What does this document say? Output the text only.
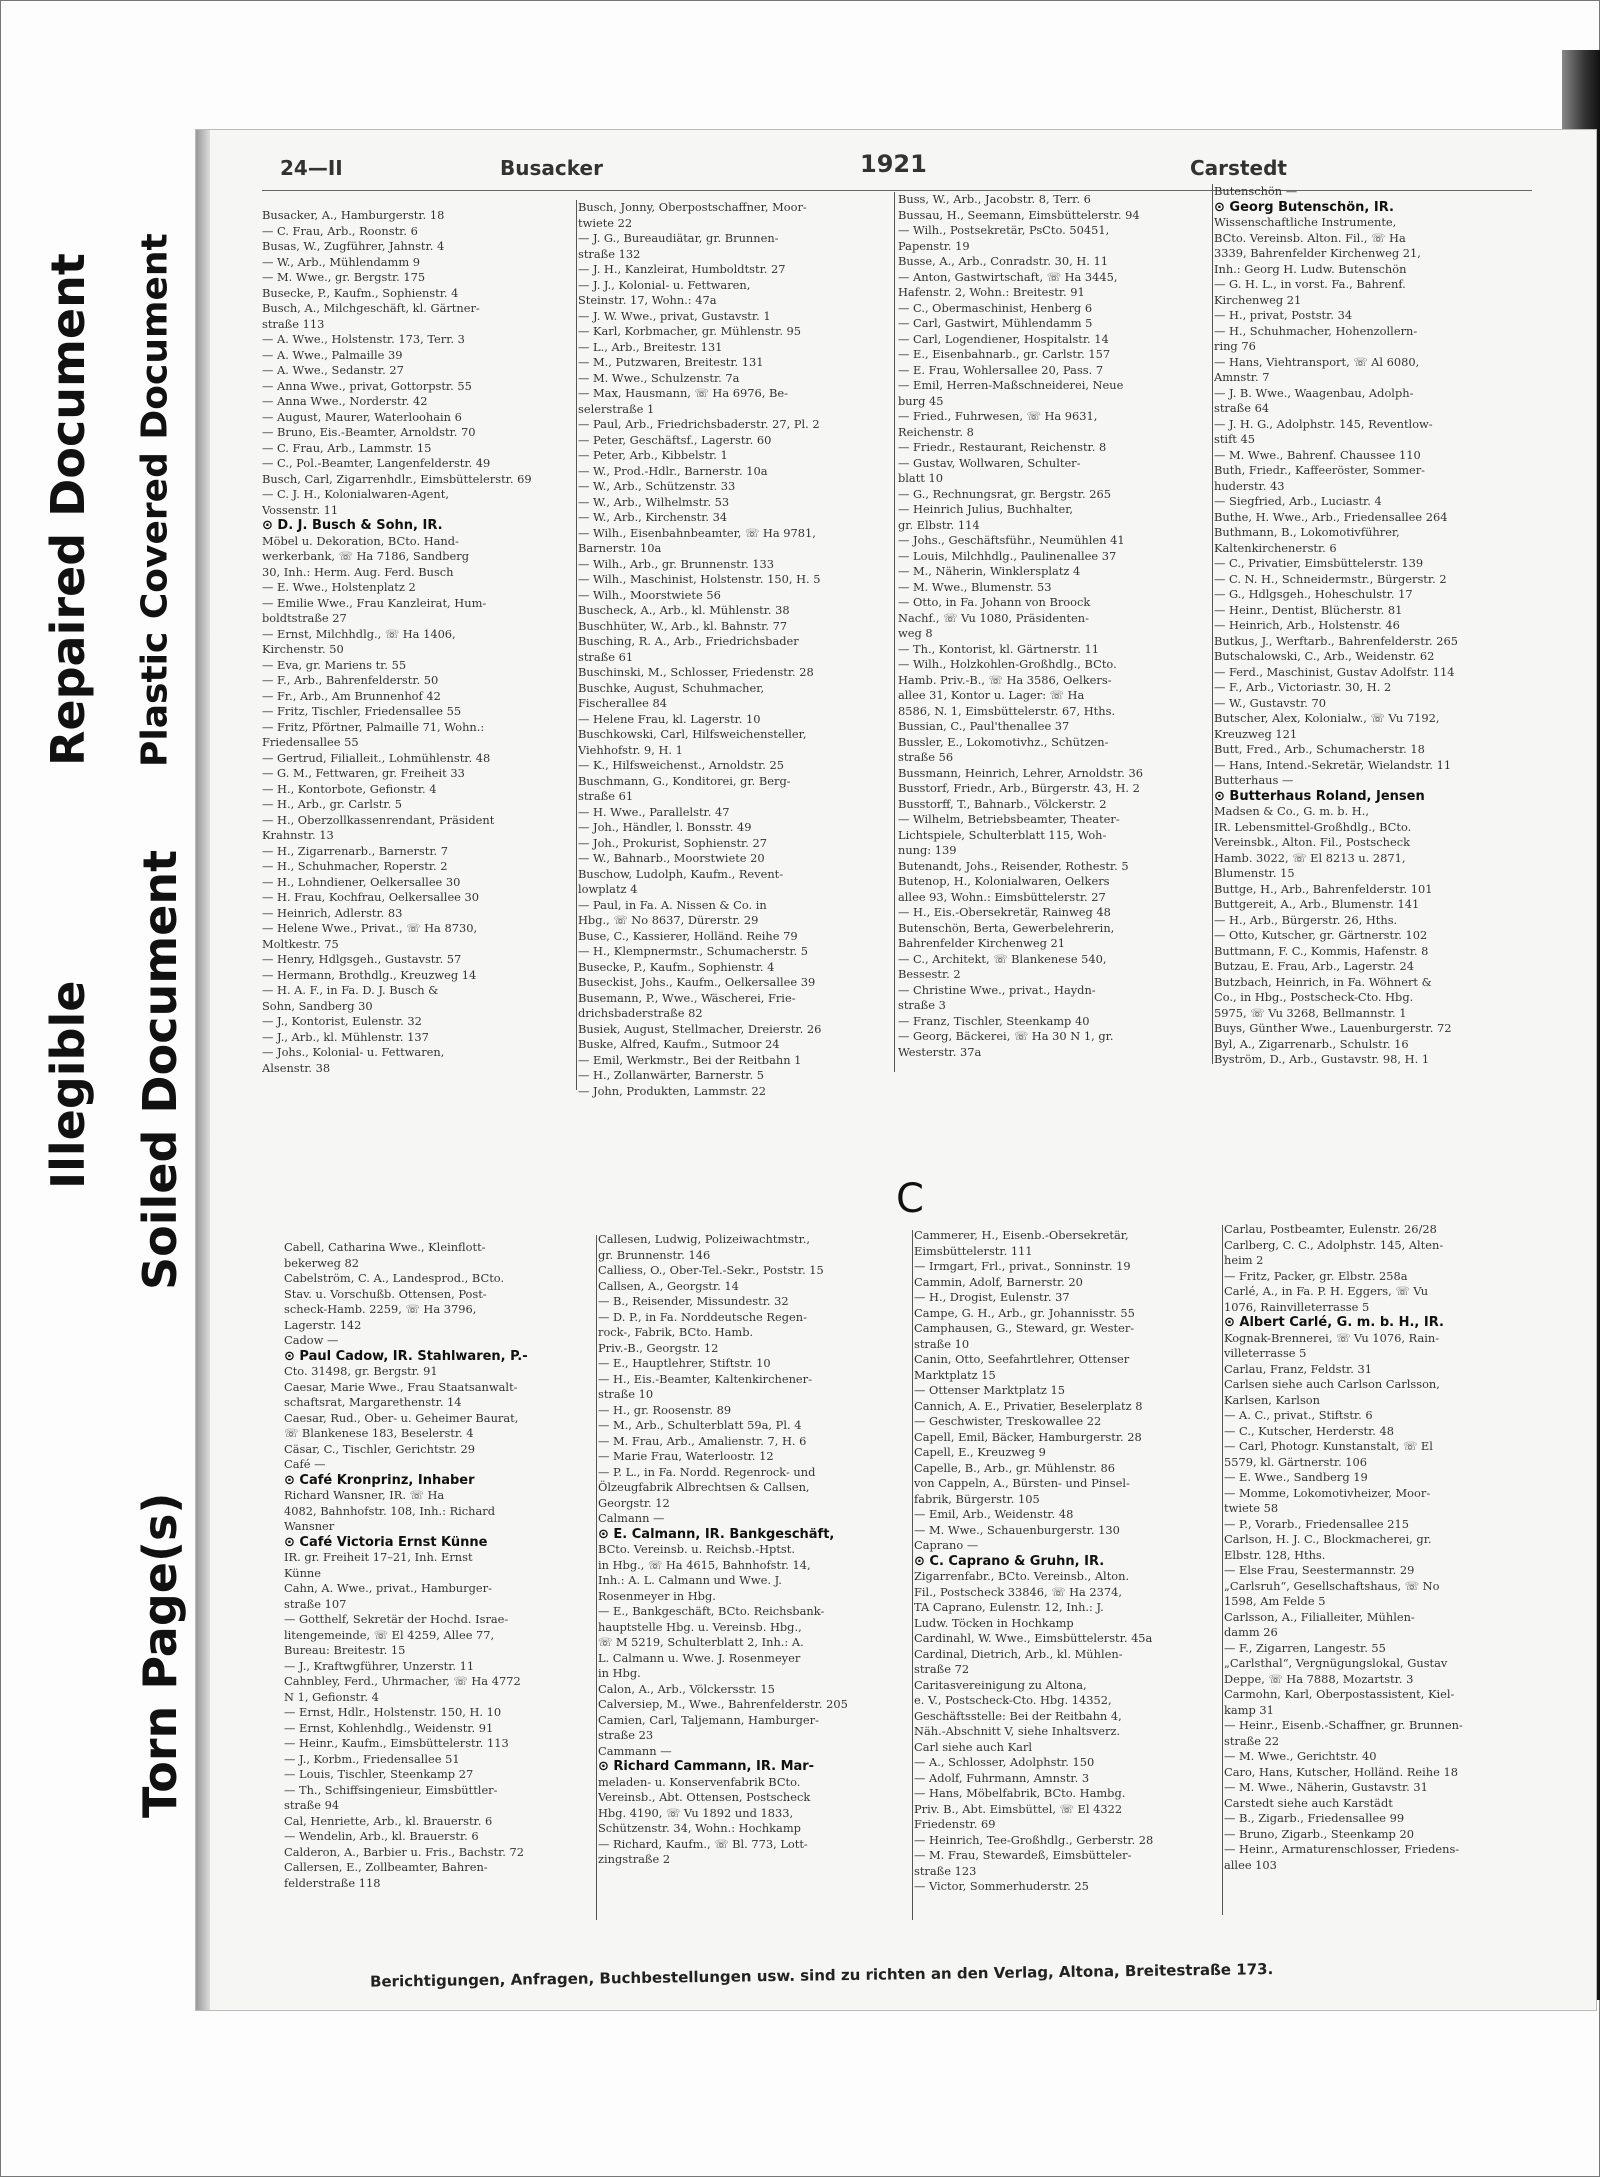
Repaired Document Plastic Covered Document
Illegible Soiled Document
Torn Page(s)
24—II	Busacker	1921	Carstedt
Busacker, A., Hamburgerstr. 18
— C. Frau, Arb., Roonstr. 6
Busas, W., Zugführer, Jahnstr. 4
— W., Arb., Mühlendamm 9
— M. Wwe., gr. Bergstr. 175
Busecke, P., Kaufm., Sophienstr. 4
Busch, A., Milchgeschäft, kl. Gärtner-
straße 113
— A. Wwe., Holstenstr. 173, Terr. 3
— A. Wwe., Palmaille 39
— A. Wwe., Sedanstr. 27
— Anna Wwe., privat, Gottorpstr. 55
— Anna Wwe., Norderstr. 42
— August, Maurer, Waterloohain 6
— Bruno, Eis.-Beamter, Arnoldstr. 70
— C. Frau, Arb., Lammstr. 15
— C., Pol.-Beamter, Langenfelderstr. 49
Busch, Carl, Zigarrenhdlr., Eimsbüttelerstr. 69
— C. J. H., Kolonialwaren-Agent,
Vossenstr. 11
⊙ D. J. Busch & Sohn, IR.
Möbel u. Dekoration, BCto. Hand-
werkerbank, ☏ Ha 7186, Sandberg
30, Inh.: Herm. Aug. Ferd. Busch
— E. Wwe., Holstenplatz 2
— Emilie Wwe., Frau Kanzleirat, Hum-
boldtstraße 27
— Ernst, Milchhdlg., ☏ Ha 1406,
Kirchenstr. 50
— Eva, gr. Mariens tr. 55
— F., Arb., Bahrenfelderstr. 50
— Fr., Arb., Am Brunnenhof 42
— Fritz, Tischler, Friedensallee 55
— Fritz, Pförtner, Palmaille 71, Wohn.:
Friedensallee 55
— Gertrud, Filialleit., Lohmühlenstr. 48
— G. M., Fettwaren, gr. Freiheit 33
— H., Kontorbote, Gefionstr. 4
— H., Arb., gr. Carlstr. 5
— H., Oberzollkassenrendant, Präsident
Krahnstr. 13
— H., Zigarrenarb., Barnerstr. 7
— H., Schuhmacher, Roperstr. 2
— H., Lohndiener, Oelkersallee 30
— H. Frau, Kochfrau, Oelkersallee 30
— Heinrich, Adlerstr. 83
— Helene Wwe., Privat., ☏ Ha 8730,
Moltkestr. 75
— Henry, Hdlgsgeh., Gustavstr. 57
— Hermann, Brothdlg., Kreuzweg 14
— H. A. F., in Fa. D. J. Busch &
Sohn, Sandberg 30
— J., Kontorist, Eulenstr. 32
— J., Arb., kl. Mühlenstr. 137
— Johs., Kolonial- u. Fettwaren,
Alsenstr. 38
Busch, Jonny, Oberpostschaffner, Moor-
twiete 22
— J. G., Bureaudiätar, gr. Brunnen-
straße 132
— J. H., Kanzleirat, Humboldtstr. 27
— J. J., Kolonial- u. Fettwaren,
Steinstr. 17, Wohn.: 47a
— J. W. Wwe., privat, Gustavstr. 1
— Karl, Korbmacher, gr. Mühlenstr. 95
— L., Arb., Breitestr. 131
— M., Putzwaren, Breitestr. 131
— M. Wwe., Schulzenstr. 7a
— Max, Hausmann, ☏ Ha 6976, Be-
selerstraße 1
— Paul, Arb., Friedrichsbaderstr. 27, Pl. 2
— Peter, Geschäftsf., Lagerstr. 60
— Peter, Arb., Kibbelstr. 1
— W., Prod.-Hdlr., Barnerstr. 10a
— W., Arb., Schützenstr. 33
— W., Arb., Wilhelmstr. 53
— W., Arb., Kirchenstr. 34
— Wilh., Eisenbahnbeamter, ☏ Ha 9781,
Barnerstr. 10a
— Wilh., Arb., gr. Brunnenstr. 133
— Wilh., Maschinist, Holstenstr. 150, H. 5
— Wilh., Moorstwiete 56
Buscheck, A., Arb., kl. Mühlenstr. 38
Buschhüter, W., Arb., kl. Bahnstr. 77
Busching, R. A., Arb., Friedrichsbader
straße 61
Buschinski, M., Schlosser, Friedenstr. 28
Buschke, August, Schuhmacher,
Fischerallee 84
— Helene Frau, kl. Lagerstr. 10
Buschkowski, Carl, Hilfsweichensteller,
Viehhofstr. 9, H. 1
— K., Hilfsweichenst., Arnoldstr. 25
Buschmann, G., Konditorei, gr. Berg-
straße 61
— H. Wwe., Parallelstr. 47
— Joh., Händler, l. Bonsstr. 49
— Joh., Prokurist, Sophienstr. 27
— W., Bahnarb., Moorstwiete 20
Buschow, Ludolph, Kaufm., Revent-
lowplatz 4
— Paul, in Fa. A. Nissen & Co. in
Hbg., ☏ No 8637, Dürerstr. 29
Buse, C., Kassierer, Holländ. Reihe 79
— H., Klempnermstr., Schumacherstr. 5
Busecke, P., Kaufm., Sophienstr. 4
Buseckist, Johs., Kaufm., Oelkersallee 39
Busemann, P., Wwe., Wäscherei, Frie-
drichsbaderstraße 82
Busiek, August, Stellmacher, Dreierstr. 26
Buske, Alfred, Kaufm., Sutmoor 24
— Emil, Werkmstr., Bei der Reitbahn 1
— H., Zollanwärter, Barnerstr. 5
— John, Produkten, Lammstr. 22
Buss, W., Arb., Jacobstr. 8, Terr. 6
Bussau, H., Seemann, Eimsbüttelerstr. 94
— Wilh., Postsekretär, PsCto. 50451,
Papenstr. 19
Busse, A., Arb., Conradstr. 30, H. 11
— Anton, Gastwirtschaft, ☏ Ha 3445,
Hafenstr. 2, Wohn.: Breitestr. 91
— C., Obermaschinist, Henberg 6
— Carl, Gastwirt, Mühlendamm 5
— Carl, Logendiener, Hospitalstr. 14
— E., Eisenbahnarb., gr. Carlstr. 157
— E. Frau, Wohlersallee 20, Pass. 7
— Emil, Herren-Maßschneiderei, Neue
burg 45
— Fried., Fuhrwesen, ☏ Ha 9631,
Reichenstr. 8
— Friedr., Restaurant, Reichenstr. 8
— Gustav, Wollwaren, Schulter-
blatt 10
— G., Rechnungsrat, gr. Bergstr. 265
— Heinrich Julius, Buchhalter,
gr. Elbstr. 114
— Johs., Geschäftsführ., Neumühlen 41
— Louis, Milchhdlg., Paulinenallee 37
— M., Näherin, Winklersplatz 4
— M. Wwe., Blumenstr. 53
— Otto, in Fa. Johann von Broock
Nachf., ☏ Vu 1080, Präsidenten-
weg 8
— Th., Kontorist, kl. Gärtnerstr. 11
— Wilh., Holzkohlen-Großhdlg., BCto.
Hamb. Priv.-B., ☏ Ha 3586, Oelkers-
allee 31, Kontor u. Lager: ☏ Ha
8586, N. 1, Eimsbüttelerstr. 67, Hths.
Bussian, C., Paul'thenallee 37
Bussler, E., Lokomotivhz., Schützen-
straße 56
Bussmann, Heinrich, Lehrer, Arnoldstr. 36
Busstorf, Friedr., Arb., Bürgerstr. 43, H. 2
Busstorff, T., Bahnarb., Völckerstr. 2
— Wilhelm, Betriebsbeamter, Theater-
Lichtspiele, Schulterblatt 115, Woh-
nung: 139
Butenandt, Johs., Reisender, Rothestr. 5
Butenop, H., Kolonialwaren, Oelkers
allee 93, Wohn.: Eimsbüttelerstr. 27
— H., Eis.-Obersekretär, Rainweg 48
Butenschön, Berta, Gewerbelehrerin,
Bahrenfelder Kirchenweg 21
— C., Architekt, ☏ Blankenese 540,
Bessestr. 2
— Christine Wwe., privat., Haydn-
straße 3
— Franz, Tischler, Steenkamp 40
— Georg, Bäckerei, ☏ Ha 30 N 1, gr.
Westerstr. 37a
Butenschön —
⊙ Georg Butenschön, IR.
Wissenschaftliche Instrumente,
BCto. Vereinsb. Alton. Fil., ☏ Ha
3339, Bahrenfelder Kirchenweg 21,
Inh.: Georg H. Ludw. Butenschön
— G. H. L., in vorst. Fa., Bahrenf.
Kirchenweg 21
— H., privat, Poststr. 34
— H., Schuhmacher, Hohenzollern-
ring 76
— Hans, Viehtransport, ☏ Al 6080,
Amnstr. 7
— J. B. Wwe., Waagenbau, Adolph-
straße 64
— J. H. G., Adolphstr. 145, Reventlow-
stift 45
— M. Wwe., Bahrenf. Chaussee 110
Buth, Friedr., Kaffeeröster, Sommer-
huderstr. 43
— Siegfried, Arb., Luciastr. 4
Buthe, H. Wwe., Arb., Friedensallee 264
Buthmann, B., Lokomotivführer,
Kaltenkirchenerstr. 6
— C., Privatier, Eimsbüttelerstr. 139
— C. N. H., Schneidermstr., Bürgerstr. 2
— G., Hdlgsgeh., Hoheschulstr. 17
— Heinr., Dentist, Blücherstr. 81
— Heinrich, Arb., Holstenstr. 46
Butkus, J., Werftarb., Bahrenfelderstr. 265
Butschalowski, C., Arb., Weidenstr. 62
— Ferd., Maschinist, Gustav Adolfstr. 114
— F., Arb., Victoriastr. 30, H. 2
— W., Gustavstr. 70
Butscher, Alex, Kolonialw., ☏ Vu 7192,
Kreuzweg 121
Butt, Fred., Arb., Schumacherstr. 18
— Hans, Intend.-Sekretär, Wielandstr. 11
Butterhaus —
⊙ Butterhaus Roland, Jensen
Madsen & Co., G. m. b. H.,
IR. Lebensmittel-Großhdlg., BCto.
Vereinsbk., Alton. Fil., Postscheck
Hamb. 3022, ☏ El 8213 u. 2871,
Blumenstr. 15
Buttge, H., Arb., Bahrenfelderstr. 101
Buttgereit, A., Arb., Blumenstr. 141
— H., Arb., Bürgerstr. 26, Hths.
— Otto, Kutscher, gr. Gärtnerstr. 102
Buttmann, F. C., Kommis, Hafenstr. 8
Butzau, E. Frau, Arb., Lagerstr. 24
Butzbach, Heinrich, in Fa. Wöhnert &
Co., in Hbg., Postscheck-Cto. Hbg.
5975, ☏ Vu 3268, Bellmannstr. 1
Buys, Günther Wwe., Lauenburgerstr. 72
Byl, A., Zigarrenarb., Schulstr. 16
Byström, D., Arb., Gustavstr. 98, H. 1
C
Cabell, Catharina Wwe., Kleinflott-
bekerweg 82
Cabelström, C. A., Landesprod., BCto.
Stav. u. Vorschußb. Ottensen, Post-
scheck-Hamb. 2259, ☏ Ha 3796,
Lagerstr. 142
Cadow —
⊙ Paul Cadow, IR. Stahlwaren, P.-
Cto. 31498, gr. Bergstr. 91
Caesar, Marie Wwe., Frau Staatsanwalt-
schaftsrat, Margarethenstr. 14
Caesar, Rud., Ober- u. Geheimer Baurat,
☏ Blankenese 183, Beselerstr. 4
Cäsar, C., Tischler, Gerichtstr. 29
Café —
⊙ Café Kronprinz, Inhaber
Richard Wansner, IR. ☏ Ha
4082, Bahnhofstr. 108, Inh.: Richard
Wansner
⊙ Café Victoria Ernst Künne
IR. gr. Freiheit 17–21, Inh. Ernst
Künne
Cahn, A. Wwe., privat., Hamburger-
straße 107
— Gotthelf, Sekretär der Hochd. Israe-
litengemeinde, ☏ El 4259, Allee 77,
Bureau: Breitestr. 15
— J., Kraftwgführer, Unzerstr. 11
Cahnbley, Ferd., Uhrmacher, ☏ Ha 4772
N 1, Gefionstr. 4
— Ernst, Hdlr., Holstenstr. 150, H. 10
— Ernst, Kohlenhdlg., Weidenstr. 91
— Heinr., Kaufm., Eimsbüttelerstr. 113
— J., Korbm., Friedensallee 51
— Louis, Tischler, Steenkamp 27
— Th., Schiffsingenieur, Eimsbüttler-
straße 94
Cal, Henriette, Arb., kl. Brauerstr. 6
— Wendelin, Arb., kl. Brauerstr. 6
Calderon, A., Barbier u. Fris., Bachstr. 72
Callersen, E., Zollbeamter, Bahren-
felderstraße 118
Callesen, Ludwig, Polizeiwachtmstr.,
gr. Brunnenstr. 146
Calliess, O., Ober-Tel.-Sekr., Poststr. 15
Callsen, A., Georgstr. 14
— B., Reisender, Missundestr. 32
— D. P., in Fa. Norddeutsche Regen-
rock-, Fabrik, BCto. Hamb.
Priv.-B., Georgstr. 12
— E., Hauptlehrer, Stiftstr. 10
— H., Eis.-Beamter, Kaltenkirchener-
straße 10
— H., gr. Roosenstr. 89
— M., Arb., Schulterblatt 59a, Pl. 4
— M. Frau, Arb., Amalienstr. 7, H. 6
— Marie Frau, Waterloostr. 12
— P. L., in Fa. Nordd. Regenrock- und
Ölzeugfabrik Albrechtsen & Callsen,
Georgstr. 12
Calmann —
⊙ E. Calmann, IR. Bankgeschäft,
BCto. Vereinsb. u. Reichsb.-Hptst.
in Hbg., ☏ Ha 4615, Bahnhofstr. 14,
Inh.: A. L. Calmann und Wwe. J.
Rosenmeyer in Hbg.
— E., Bankgeschäft, BCto. Reichsbank-
hauptstelle Hbg. u. Vereinsb. Hbg.,
☏ M 5219, Schulterblatt 2, Inh.: A.
L. Calmann u. Wwe. J. Rosenmeyer
in Hbg.
Calon, A., Arb., Völckersstr. 15
Calversiep, M., Wwe., Bahrenfelderstr. 205
Camien, Carl, Taljemann, Hamburger-
straße 23
Cammann —
⊙ Richard Cammann, IR. Mar-
meladen- u. Konservenfabrik BCto.
Vereinsb., Abt. Ottensen, Postscheck
Hbg. 4190, ☏ Vu 1892 und 1833,
Schützenstr. 34, Wohn.: Hochkamp
— Richard, Kaufm., ☏ Bl. 773, Lott-
zingstraße 2
Cammerer, H., Eisenb.-Obersekretär,
Eimsbüttelerstr. 111
— Irmgart, Frl., privat., Sonninstr. 19
Cammin, Adolf, Barnerstr. 20
— H., Drogist, Eulenstr. 37
Campe, G. H., Arb., gr. Johannisstr. 55
Camphausen, G., Steward, gr. Wester-
straße 10
Canin, Otto, Seefahrtlehrer, Ottenser
Marktplatz 15
— Ottenser Marktplatz 15
Cannich, A. E., Privatier, Beselerplatz 8
— Geschwister, Treskowallee 22
Capell, Emil, Bäcker, Hamburgerstr. 28
Capell, E., Kreuzweg 9
Capelle, B., Arb., gr. Mühlenstr. 86
von Cappeln, A., Bürsten- und Pinsel-
fabrik, Bürgerstr. 105
— Emil, Arb., Weidenstr. 48
— M. Wwe., Schauenburgerstr. 130
Caprano —
⊙ C. Caprano & Gruhn, IR.
Zigarrenfabr., BCto. Vereinsb., Alton.
Fil., Postscheck 33846, ☏ Ha 2374,
TA Caprano, Eulenstr. 12, Inh.: J.
Ludw. Töcken in Hochkamp
Cardinahl, W. Wwe., Eimsbüttelerstr. 45a
Cardinal, Dietrich, Arb., kl. Mühlen-
straße 72
Caritasvereinigung zu Altona,
e. V., Postscheck-Cto. Hbg. 14352,
Geschäftsstelle: Bei der Reitbahn 4,
Näh.-Abschnitt V, siehe Inhaltsverz.
Carl siehe auch Karl
— A., Schlosser, Adolphstr. 150
— Adolf, Fuhrmann, Amnstr. 3
— Hans, Möbelfabrik, BCto. Hambg.
Priv. B., Abt. Eimsbüttel, ☏ El 4322
Friedenstr. 69
— Heinrich, Tee-Großhdlg., Gerberstr. 28
— M. Frau, Stewardeß, Eimsbütteler-
straße 123
— Victor, Sommerhuderstr. 25
Carlau, Postbeamter, Eulenstr. 26/28
Carlberg, C. C., Adolphstr. 145, Alten-
heim 2
— Fritz, Packer, gr. Elbstr. 258a
Carlé, A., in Fa. P. H. Eggers, ☏ Vu
1076, Rainvilleterrasse 5
⊙ Albert Carlé, G. m. b. H., IR.
Kognak-Brennerei, ☏ Vu 1076, Rain-
villeterrasse 5
Carlau, Franz, Feldstr. 31
Carlsen siehe auch Carlson Carlsson,
Karlsen, Karlson
— A. C., privat., Stiftstr. 6
— C., Kutscher, Herderstr. 48
— Carl, Photogr. Kunstanstalt, ☏ El
5579, kl. Gärtnerstr. 106
— E. Wwe., Sandberg 19
— Momme, Lokomotivheizer, Moor-
twiete 58
— P., Vorarb., Friedensallee 215
Carlson, H. J. C., Blockmacherei, gr.
Elbstr. 128, Hths.
— Else Frau, Seestermannstr. 29
„Carlsruh“, Gesellschaftshaus, ☏ No
1598, Am Felde 5
Carlsson, A., Filialleiter, Mühlen-
damm 26
— F., Zigarren, Langestr. 55
„Carlsthal“, Vergnügungslokal, Gustav
Deppe, ☏ Ha 7888, Mozartstr. 3
Carmohn, Karl, Oberpostassistent, Kiel-
kamp 31
— Heinr., Eisenb.-Schaffner, gr. Brunnen-
straße 22
— M. Wwe., Gerichtstr. 40
Caro, Hans, Kutscher, Holländ. Reihe 18
— M. Wwe., Näherin, Gustavstr. 31
Carstedt siehe auch Karstädt
— B., Zigarb., Friedensallee 99
— Bruno, Zigarb., Steenkamp 20
— Heinr., Armaturenschlosser, Friedens-
allee 103
Berichtigungen, Anfragen, Buchbestellungen usw. sind zu richten an den Verlag, Altona, Breitestraße 173.
